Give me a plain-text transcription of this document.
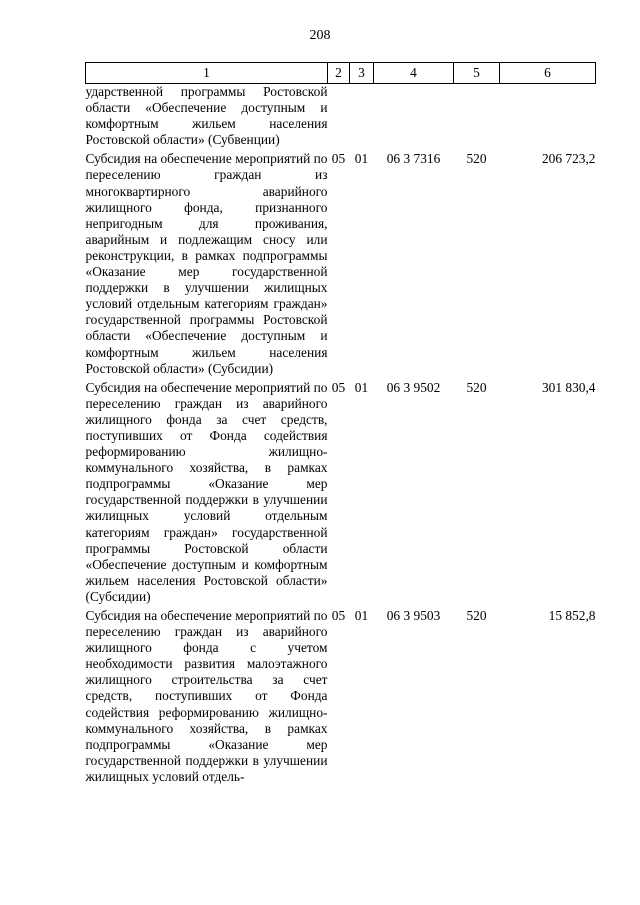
208
1	2	3	4	5	6
ударственной программы Ростовской области «Обеспечение доступным и комфортным жильем населения Ростовской области» (Субвенции)					
Субсидия на обеспечение мероприятий по переселению граждан из многоквартирного аварийного жилищного фонда, признанного непригодным для проживания, аварийным и подлежащим сносу или реконструкции, в рамках подпрограммы «Оказание мер государственной поддержки в улучшении жилищных условий отдельным категориям граждан» государственной программы Ростовской области «Обеспечение доступным и комфортным жильем населения Ростовской области» (Субсидии)	05	01	06 3 7316	520	206 723,2
Субсидия на обеспечение мероприятий по переселению граждан из аварийного жилищного фонда за счет средств, поступивших от Фонда содействия реформированию жилищно-коммунального хозяйства, в рамках подпрограммы «Оказание мер государственной поддержки в улучшении жилищных условий отдельным категориям граждан» государственной программы Ростовской области «Обеспечение доступным и комфортным жильем населения Ростовской области» (Субсидии)	05	01	06 3 9502	520	301 830,4
Субсидия на обеспечение мероприятий по переселению граждан из аварийного жилищного фонда с учетом необходимости развития малоэтажного жилищного строительства за счет средств, поступивших от Фонда содействия реформированию жилищно-коммунального хозяйства, в рамках подпрограммы «Оказание мер государственной поддержки в улучшении жилищных условий отдель-	05	01	06 3 9503	520	15 852,8
